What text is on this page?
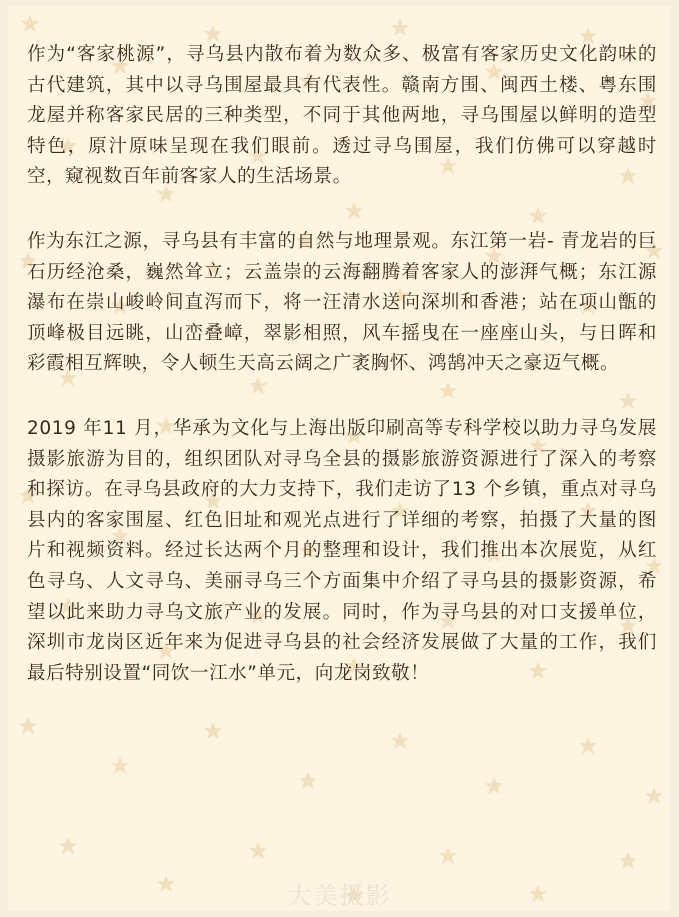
作为“客家桃源”，寻乌县内散布着为数众多、极富有客家历史文化韵味的古代建筑，其中以寻乌围屋最具有代表性。赣南方围、闽西土楼、粤东围龙屋并称客家民居的三种类型，不同于其他两地，寻乌围屋以鲜明的造型特色，原汁原味呈现在我们眼前。透过寻乌围屋，我们仿佛可以穿越时空，窥视数百年前客家人的生活场景。

作为东江之源，寻乌县有丰富的自然与地理景观。东江第一岩- 青龙岩的巨石历经沧桑，巍然耸立；云盖崇的云海翻腾着客家人的澎湃气概；东江源瀑布在崇山峻岭间直泻而下，将一汪清水送向深圳和香港；站在项山甑的顶峰极目远眺，山峦叠嶂，翠影相照，风车摇曳在一座座山头，与日晖和彩霞相互辉映，令人顿生天高云阔之广袤胸怀、鸿鹄冲天之豪迈气概。

2019 年11 月，华承为文化与上海出版印刷高等专科学校以助力寻乌发展摄影旅游为目的，组织团队对寻乌全县的摄影旅游资源进行了深入的考察和探访。在寻乌县政府的大力支持下，我们走访了13 个乡镇，重点对寻乌县内的客家围屋、红色旧址和观光点进行了详细的考察，拍摄了大量的图片和视频资料。经过长达两个月的整理和设计，我们推出本次展览，从红色寻乌、人文寻乌、美丽寻乌三个方面集中介绍了寻乌县的摄影资源，希望以此来助力寻乌文旅产业的发展。同时，作为寻乌县的对口支援单位，深圳市龙岗区近年来为促进寻乌县的社会经济发展做了大量的工作，我们最后特别设置“同饮一江水”单元，向龙岗致敬！

大美摄影
